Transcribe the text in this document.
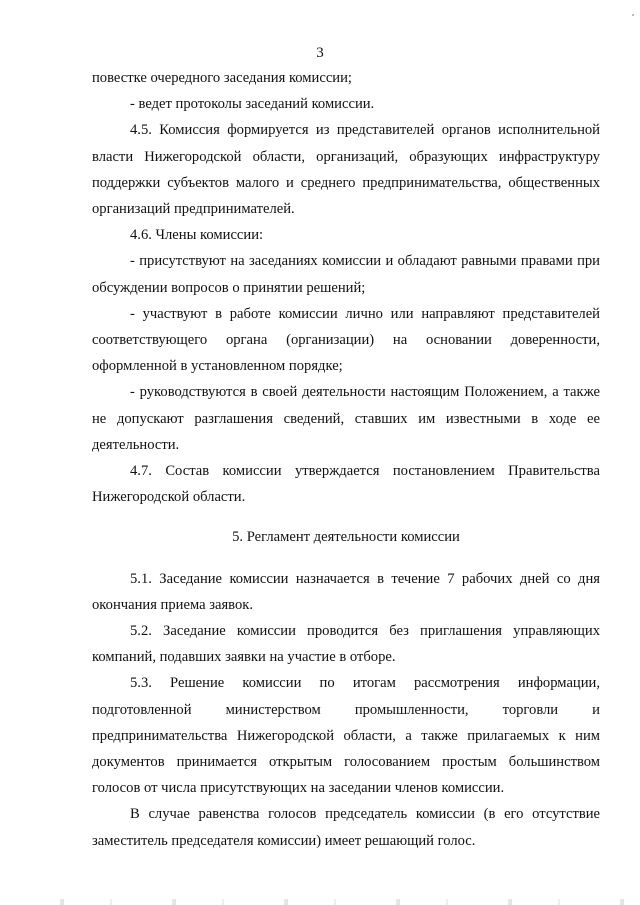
3

повестке очередного заседания комиссии;

- ведет протоколы заседаний комиссии.

4.5. Комиссия формируется из представителей органов исполнительной власти Нижегородской области, организаций, образующих инфраструктуру поддержки субъектов малого и среднего предпринимательства, общественных организаций предпринимателей.

4.6. Члены комиссии:

- присутствуют на заседаниях комиссии и обладают равными правами при обсуждении вопросов о принятии решений;

- участвуют в работе комиссии лично или направляют представителей соответствующего органа (организации) на основании доверенности, оформленной в установленном порядке;

- руководствуются в своей деятельности настоящим Положением, а также не допускают разглашения сведений, ставших им известными в ходе ее деятельности.

4.7. Состав комиссии утверждается постановлением Правительства Нижегородской области.

5. Регламент деятельности комиссии

5.1. Заседание комиссии назначается в течение 7 рабочих дней со дня окончания приема заявок.

5.2. Заседание комиссии проводится без приглашения управляющих компаний, подавших заявки на участие в отборе.

5.3. Решение комиссии по итогам рассмотрения информации, подготовленной министерством промышленности, торговли и предпринимательства Нижегородской области, а также прилагаемых к ним документов принимается открытым голосованием простым большинством голосов от числа присутствующих на заседании членов комиссии.

В случае равенства голосов председатель комиссии (в его отсутствие заместитель председателя комиссии) имеет решающий голос.
